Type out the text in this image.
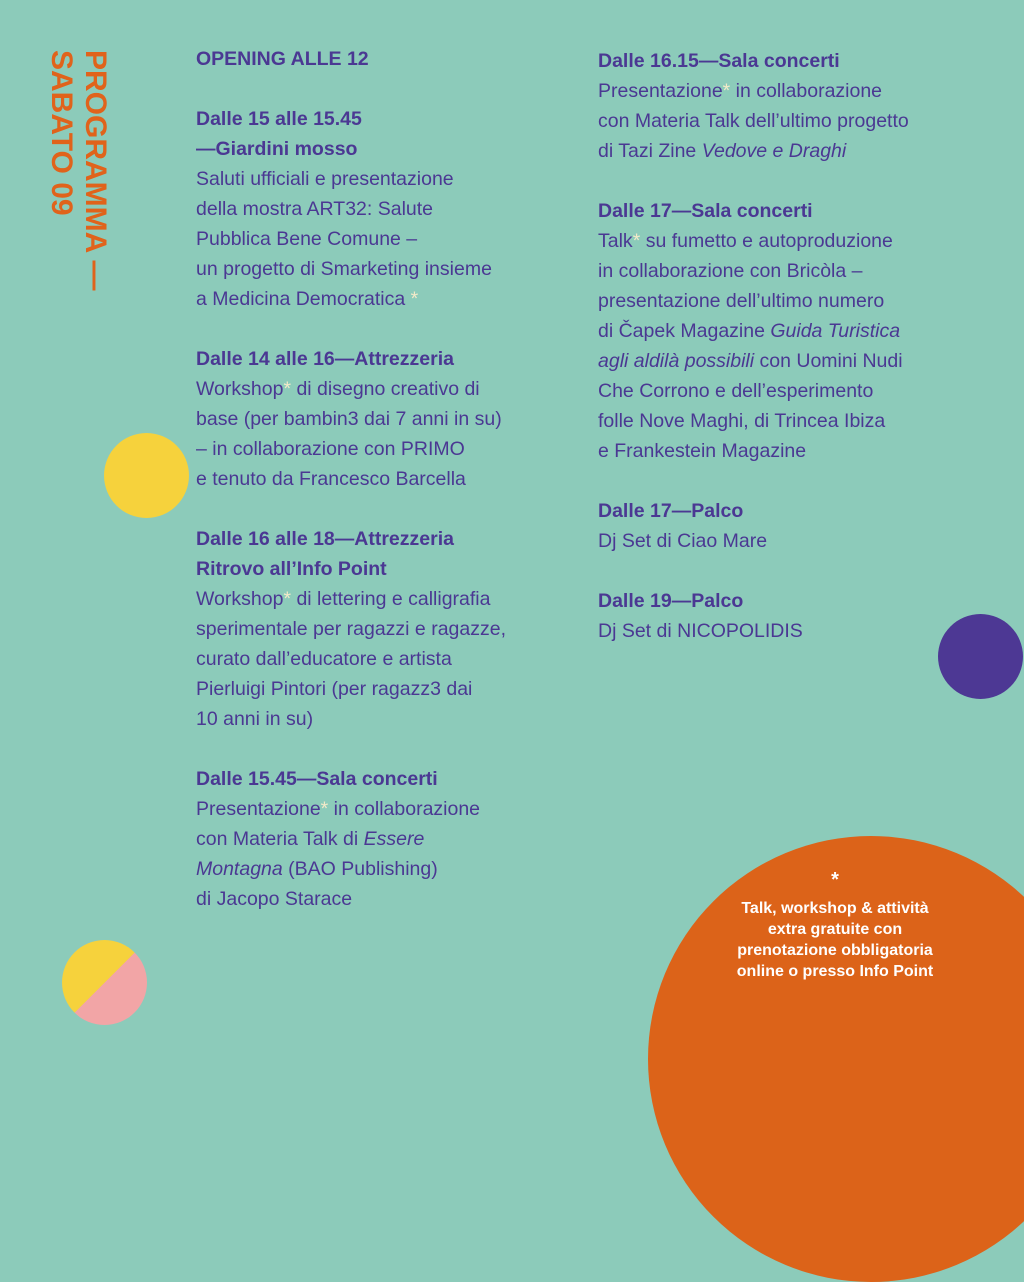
PROGRAMMA —
SABATO 09	OPENING ALLE 12
Dalle 15 alle 15.45
—Giardini mosso
Saluti ufficiali e presentazione
della mostra ART32: Salute
Pubblica Bene Comune –
un progetto di Smarketing insieme
a Medicina Democratica *
Dalle 14 alle 16—Attrezzeria
Workshop* di disegno creativo di
base (per bambin3 dai 7 anni in su)
– in collaborazione con PRIMO
e tenuto da Francesco Barcella
Dalle 16 alle 18—Attrezzeria
Ritrovo all’Info Point
Workshop* di lettering e calligrafia
sperimentale per ragazzi e ragazze,
curato dall’educatore e artista
Pierluigi Pintori (per ragazz3 dai
10 anni in su)
Dalle 15.45—Sala concerti
Presentazione* in collaborazione
con Materia Talk di Essere
Montagna (BAO Publishing)
di Jacopo Starace
Dalle 16.15—Sala concerti
Presentazione* in collaborazione
con Materia Talk dell’ultimo progetto
di Tazi Zine Vedove e Draghi
Dalle 17—Sala concerti
Talk* su fumetto e autoproduzione
in collaborazione con Bricòla –
presentazione dell’ultimo numero
di Čapek Magazine Guida Turistica
agli aldilà possibili con Uomini Nudi
Che Corrono e dell’esperimento
folle Nove Maghi, di Trincea Ibiza
e Frankestein Magazine
Dalle 17—Palco
Dj Set di Ciao Mare
Dalle 19—Palco
Dj Set di NICOPOLIDIS
*
Talk, workshop & attività
extra gratuite con
prenotazione obbligatoria
online o presso Info Point
